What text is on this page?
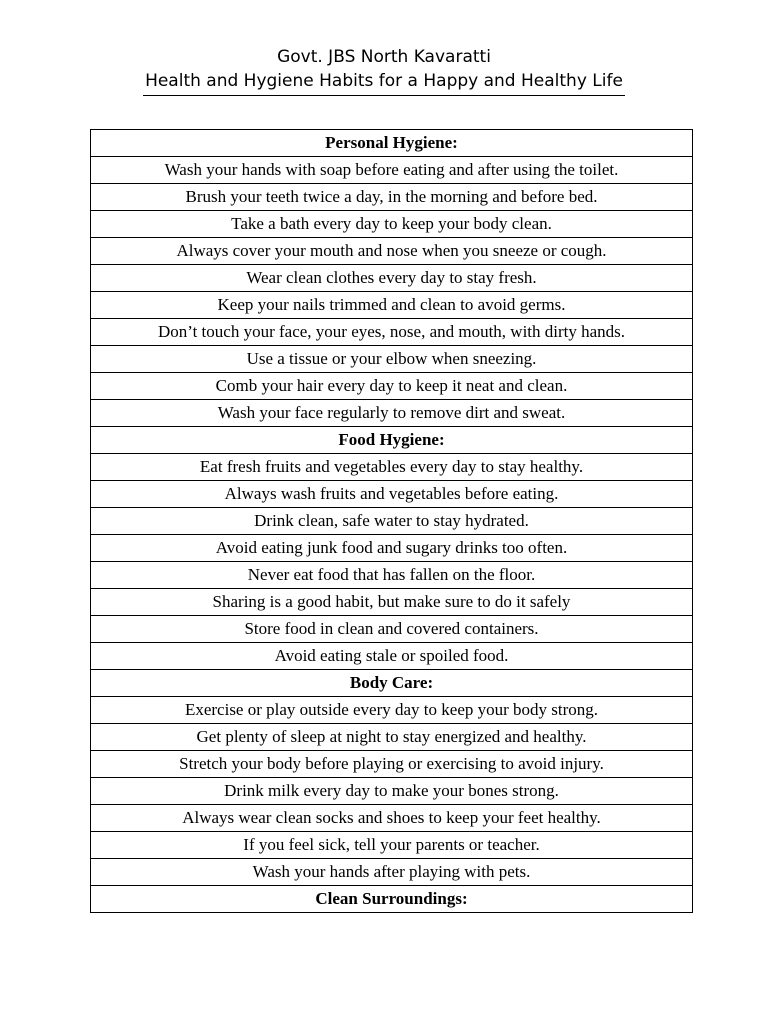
Govt. JBS North Kavaratti
Health and Hygiene Habits for a Happy and Healthy Life
Personal Hygiene:
Wash your hands with soap before eating and after using the toilet.
Brush your teeth twice a day, in the morning and before bed.
Take a bath every day to keep your body clean.
Always cover your mouth and nose when you sneeze or cough.
Wear clean clothes every day to stay fresh.
Keep your nails trimmed and clean to avoid germs.
Don’t touch your face, your eyes, nose, and mouth, with dirty hands.
Use a tissue or your elbow when sneezing.
Comb your hair every day to keep it neat and clean.
Wash your face regularly to remove dirt and sweat.
Food Hygiene:
Eat fresh fruits and vegetables every day to stay healthy.
Always wash fruits and vegetables before eating.
Drink clean, safe water to stay hydrated.
Avoid eating junk food and sugary drinks too often.
Never eat food that has fallen on the floor.
Sharing is a good habit, but make sure to do it safely
Store food in clean and covered containers.
Avoid eating stale or spoiled food.
Body Care:
Exercise or play outside every day to keep your body strong.
Get plenty of sleep at night to stay energized and healthy.
Stretch your body before playing or exercising to avoid injury.
Drink milk every day to make your bones strong.
Always wear clean socks and shoes to keep your feet healthy.
If you feel sick, tell your parents or teacher.
Wash your hands after playing with pets.
Clean Surroundings:
